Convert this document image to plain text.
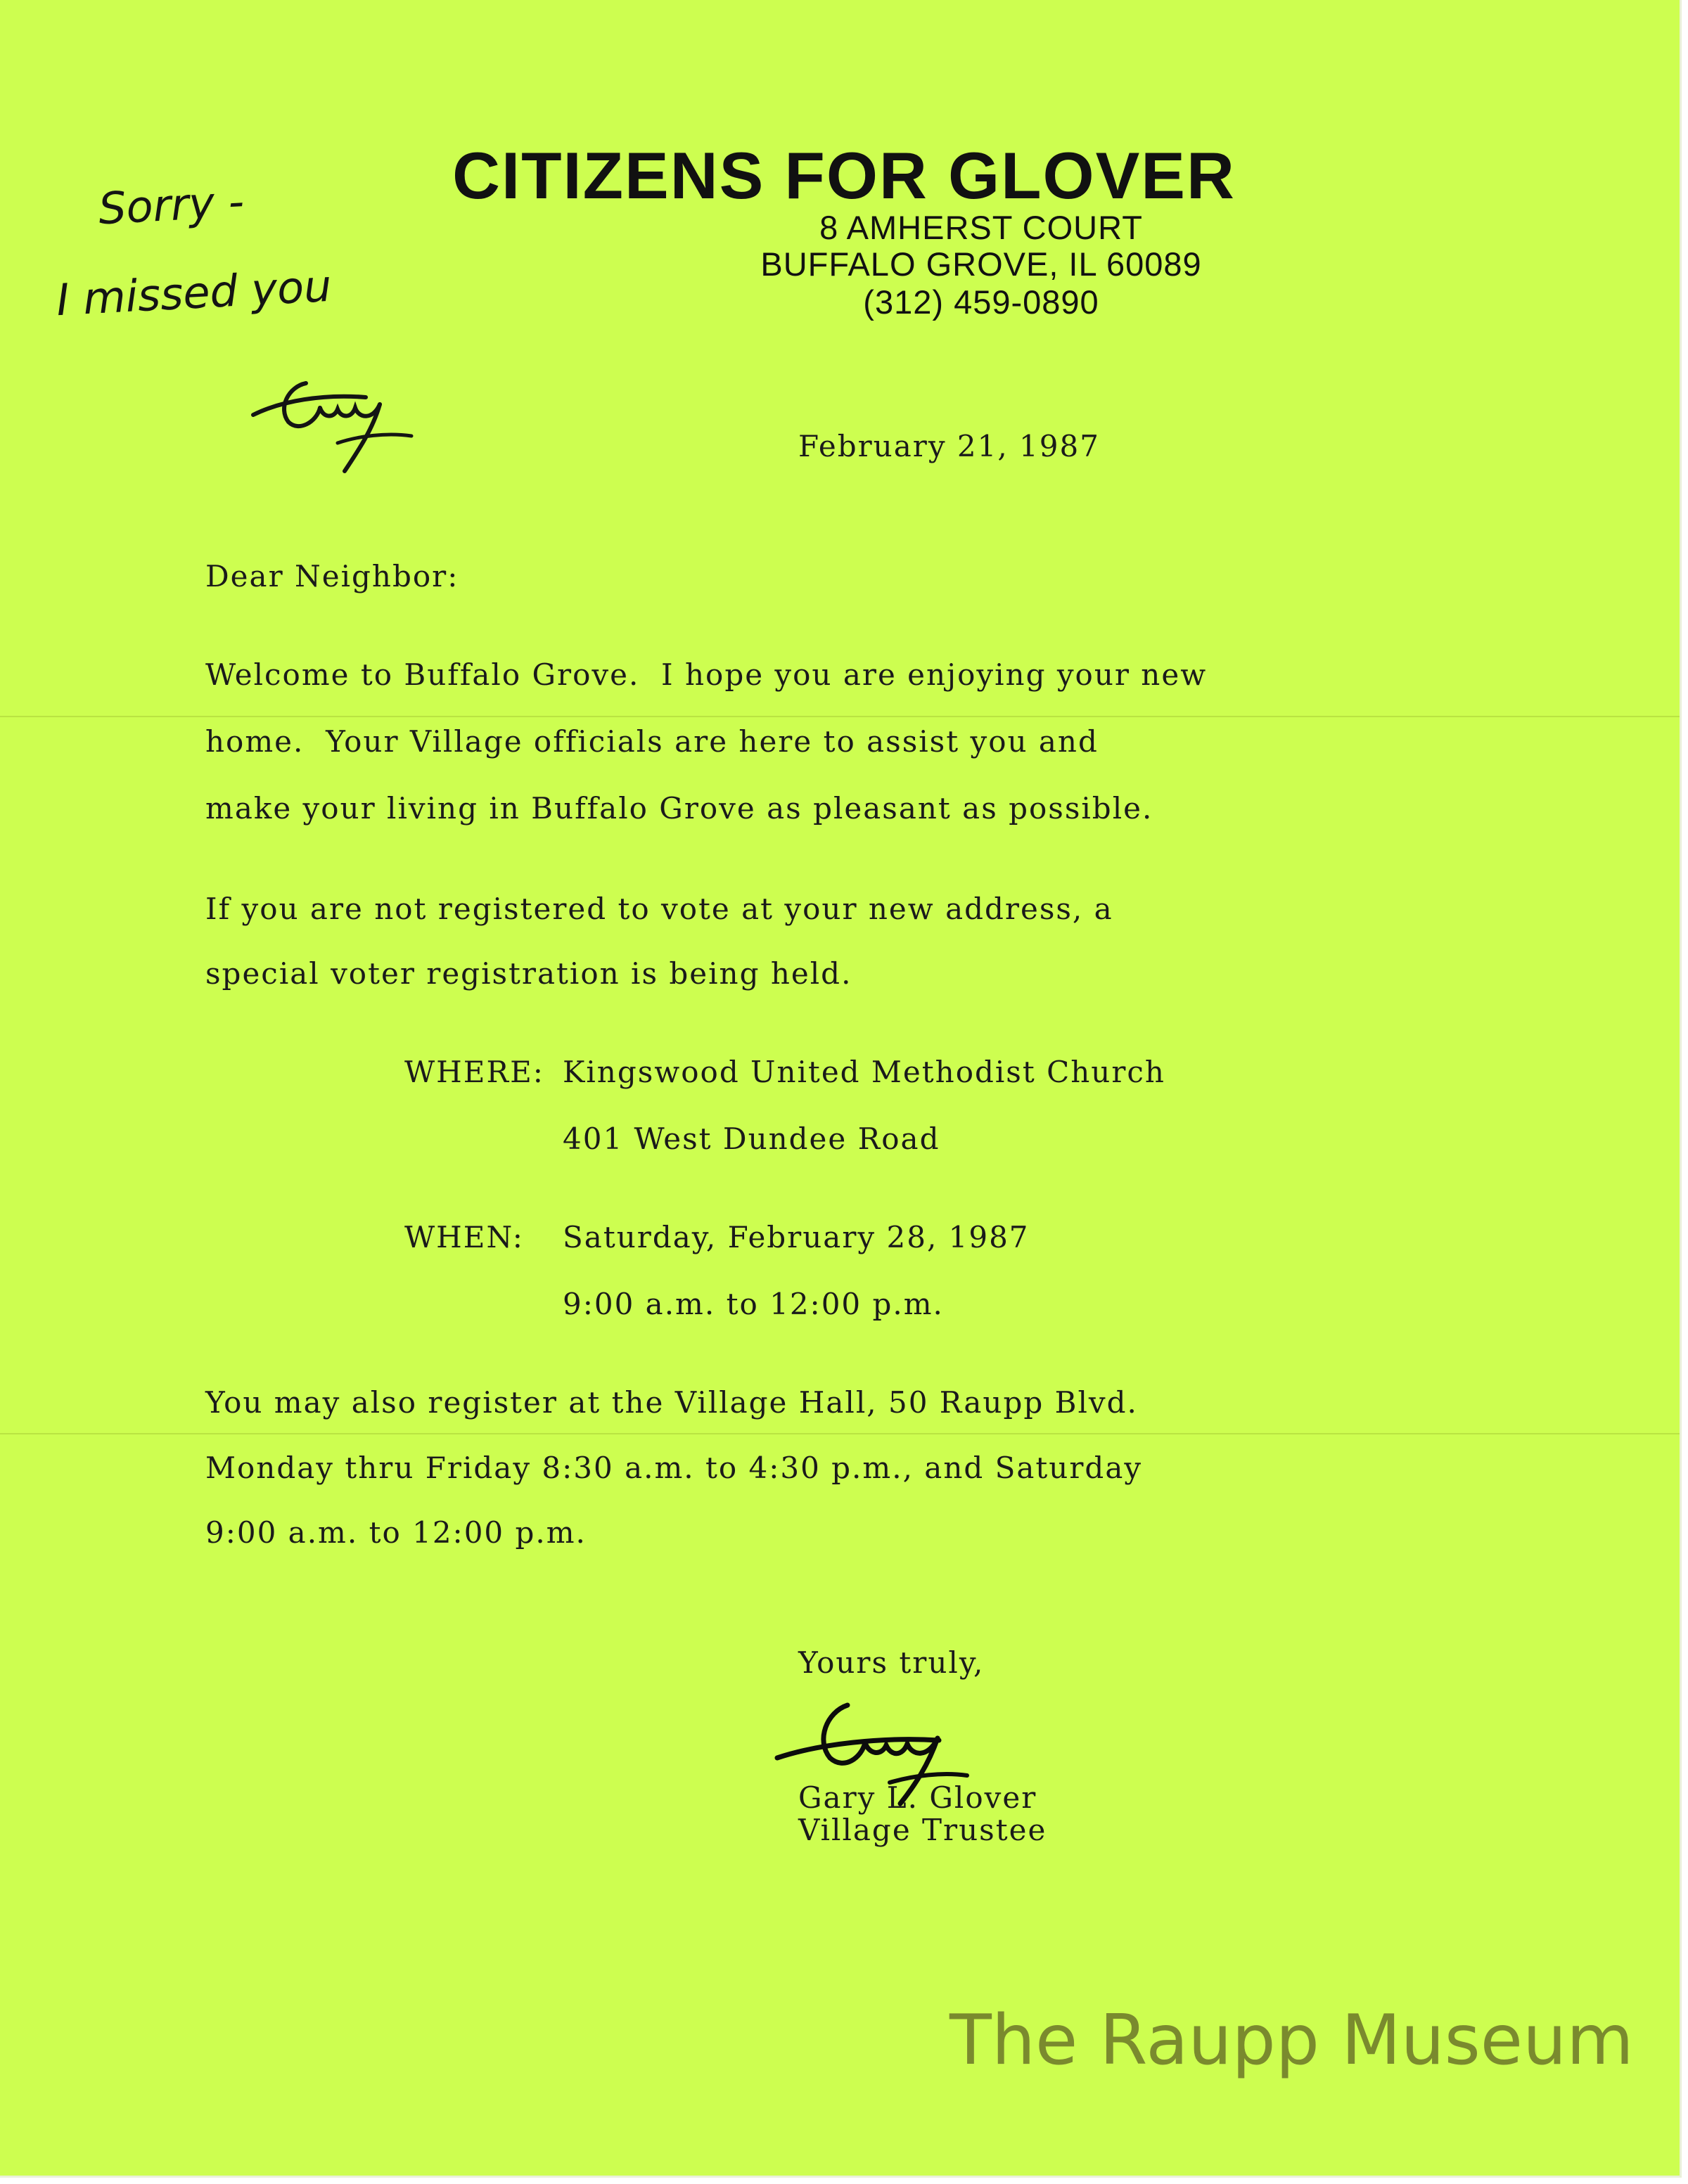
CITIZENS FOR GLOVER
8 AMHERST COURT
BUFFALO GROVE, IL 60089
(312) 459-0890
Sorry -
I missed you
February 21, 1987
Dear Neighbor:
Welcome to Buffalo Grove.  I hope you are enjoying your new
home.  Your Village officials are here to assist you and
make your living in Buffalo Grove as pleasant as possible.
If you are not registered to vote at your new address, a
special voter registration is being held.
WHERE: Kingswood United Methodist Church
401 West Dundee Road
WHEN: Saturday, February 28, 1987
9:00 a.m. to 12:00 p.m.
You may also register at the Village Hall, 50 Raupp Blvd.
Monday thru Friday 8:30 a.m. to 4:30 p.m., and Saturday
9:00 a.m. to 12:00 p.m.
Yours truly,
Gary L. Glover
Village Trustee
The Raupp Museum
